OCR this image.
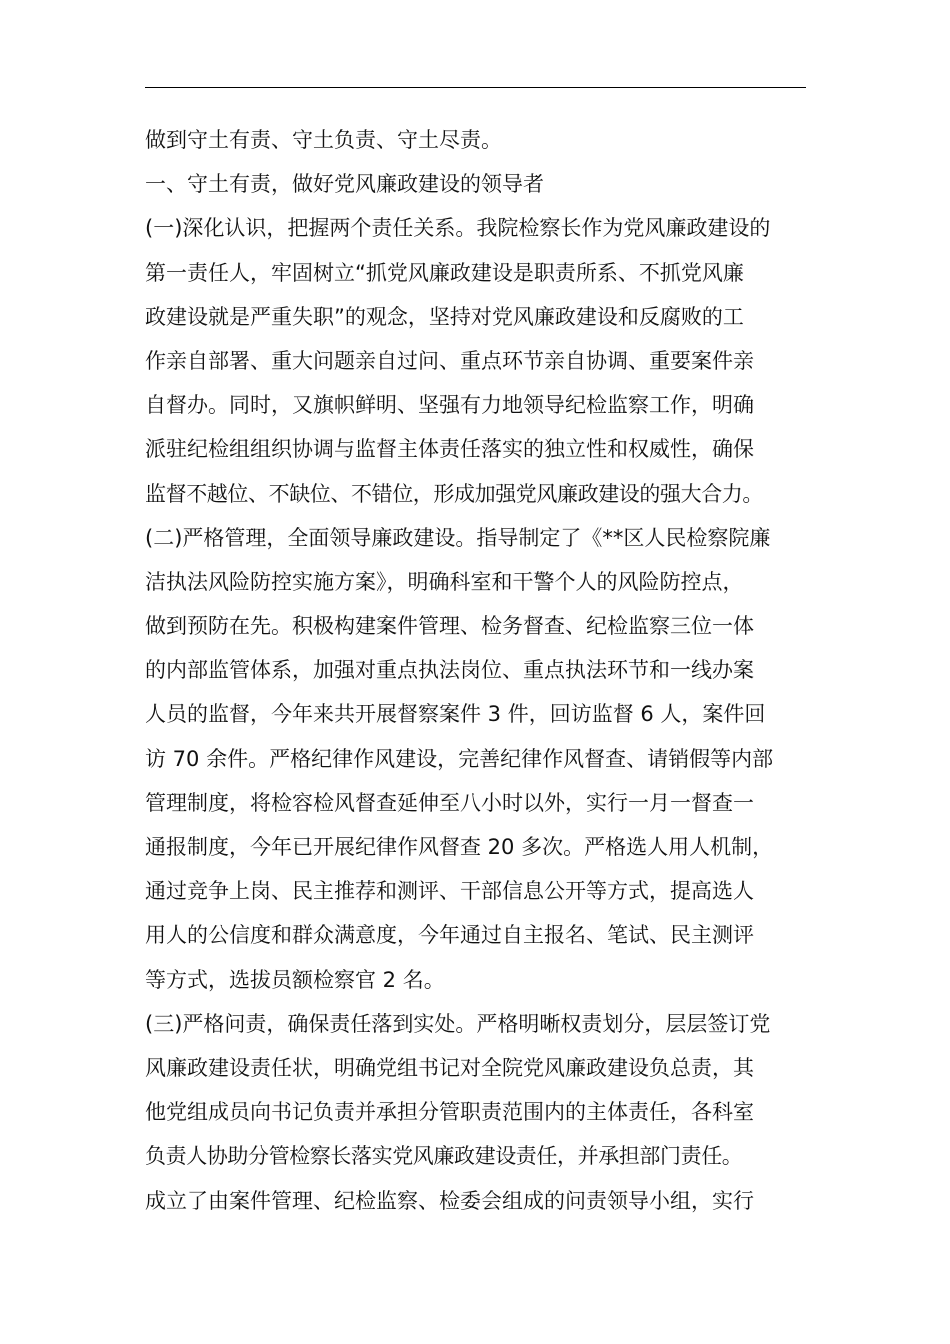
做到守土有责、守土负责、守土尽责。
一、守土有责，做好党风廉政建设的领导者
(一)深化认识，把握两个责任关系。我院检察长作为党风廉政建设的
第一责任人，牢固树立“抓党风廉政建设是职责所系、不抓党风廉
政建设就是严重失职”的观念，坚持对党风廉政建设和反腐败的工
作亲自部署、重大问题亲自过问、重点环节亲自协调、重要案件亲
自督办。同时，又旗帜鲜明、坚强有力地领导纪检监察工作，明确
派驻纪检组组织协调与监督主体责任落实的独立性和权威性，确保
监督不越位、不缺位、不错位，形成加强党风廉政建设的强大合力。
(二)严格管理，全面领导廉政建设。指导制定了《**区人民检察院廉
洁执法风险防控实施方案》，明确科室和干警个人的风险防控点，
做到预防在先。积极构建案件管理、检务督查、纪检监察三位一体
的内部监管体系，加强对重点执法岗位、重点执法环节和一线办案
人员的监督，今年来共开展督察案件 3 件，回访监督 6 人，案件回
访 70 余件。严格纪律作风建设，完善纪律作风督查、请销假等内部
管理制度，将检容检风督查延伸至八小时以外，实行一月一督查一
通报制度，今年已开展纪律作风督查 20 多次。严格选人用人机制，
通过竞争上岗、民主推荐和测评、干部信息公开等方式，提高选人
用人的公信度和群众满意度，今年通过自主报名、笔试、民主测评
等方式，选拔员额检察官 2 名。
(三)严格问责，确保责任落到实处。严格明晰权责划分，层层签订党
风廉政建设责任状，明确党组书记对全院党风廉政建设负总责，其
他党组成员向书记负责并承担分管职责范围内的主体责任，各科室
负责人协助分管检察长落实党风廉政建设责任，并承担部门责任。
成立了由案件管理、纪检监察、检委会组成的问责领导小组，实行
